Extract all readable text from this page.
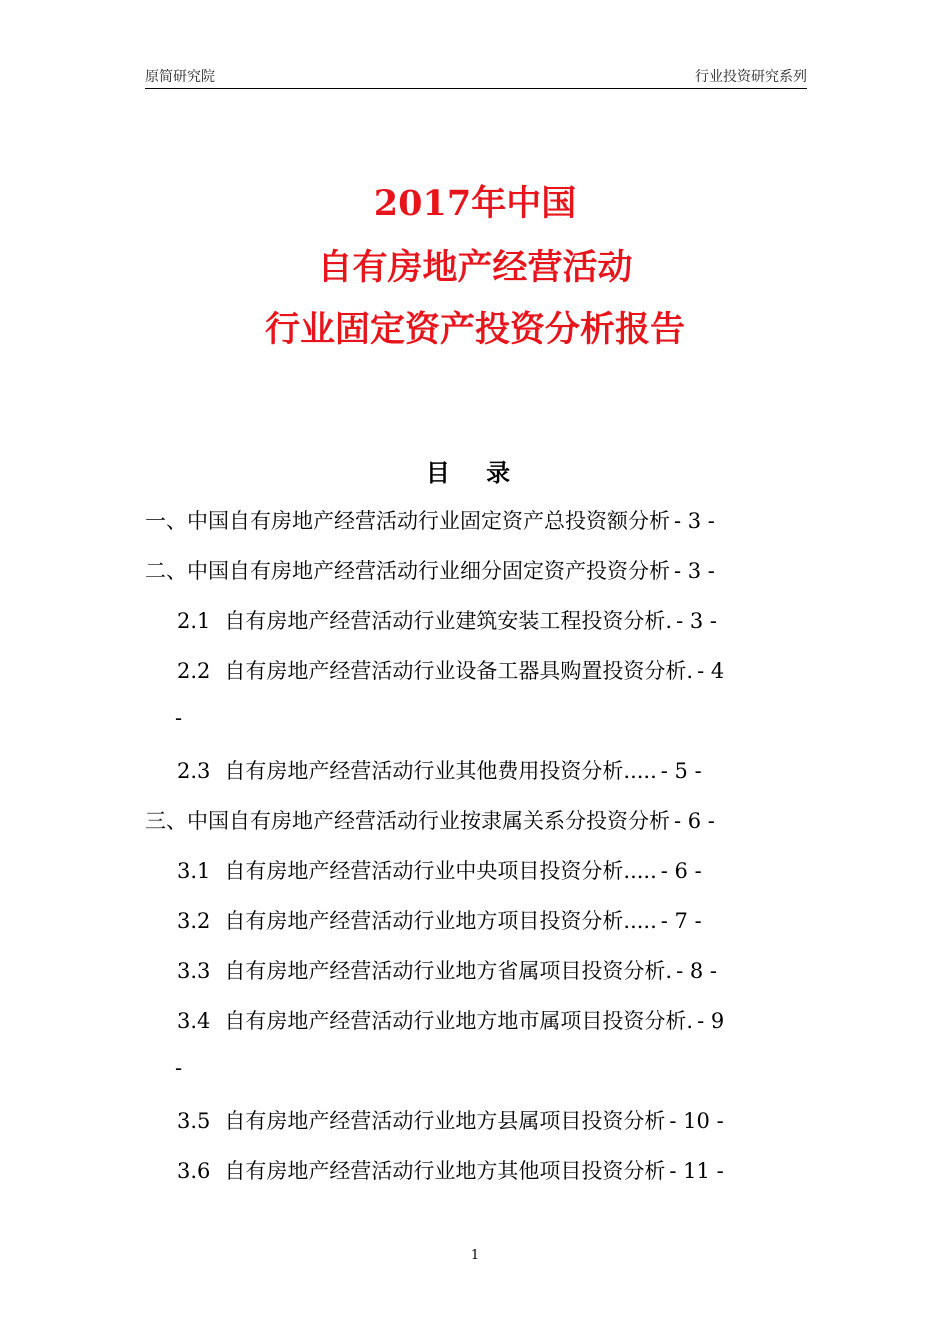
原简研究院	行业投资研究系列
2017年中国
自有房地产经营活动
行业固定资产投资分析报告
目 录
一、中国自有房地产经营活动行业固定资产总投资额分析 - 3 -
二、中国自有房地产经营活动行业细分固定资产投资分析 - 3 -
2.1 自有房地产经营活动行业建筑安装工程投资分析. - 3 -
2.2 自有房地产经营活动行业设备工器具购置投资分析. - 4
-
2.3 自有房地产经营活动行业其他费用投资分析..... - 5 -
三、中国自有房地产经营活动行业按隶属关系分投资分析 - 6 -
3.1 自有房地产经营活动行业中央项目投资分析..... - 6 -
3.2 自有房地产经营活动行业地方项目投资分析..... - 7 -
3.3 自有房地产经营活动行业地方省属项目投资分析. - 8 -
3.4 自有房地产经营活动行业地方地市属项目投资分析. - 9
-
3.5 自有房地产经营活动行业地方县属项目投资分析 - 10 -
3.6 自有房地产经营活动行业地方其他项目投资分析 - 11 -
1
